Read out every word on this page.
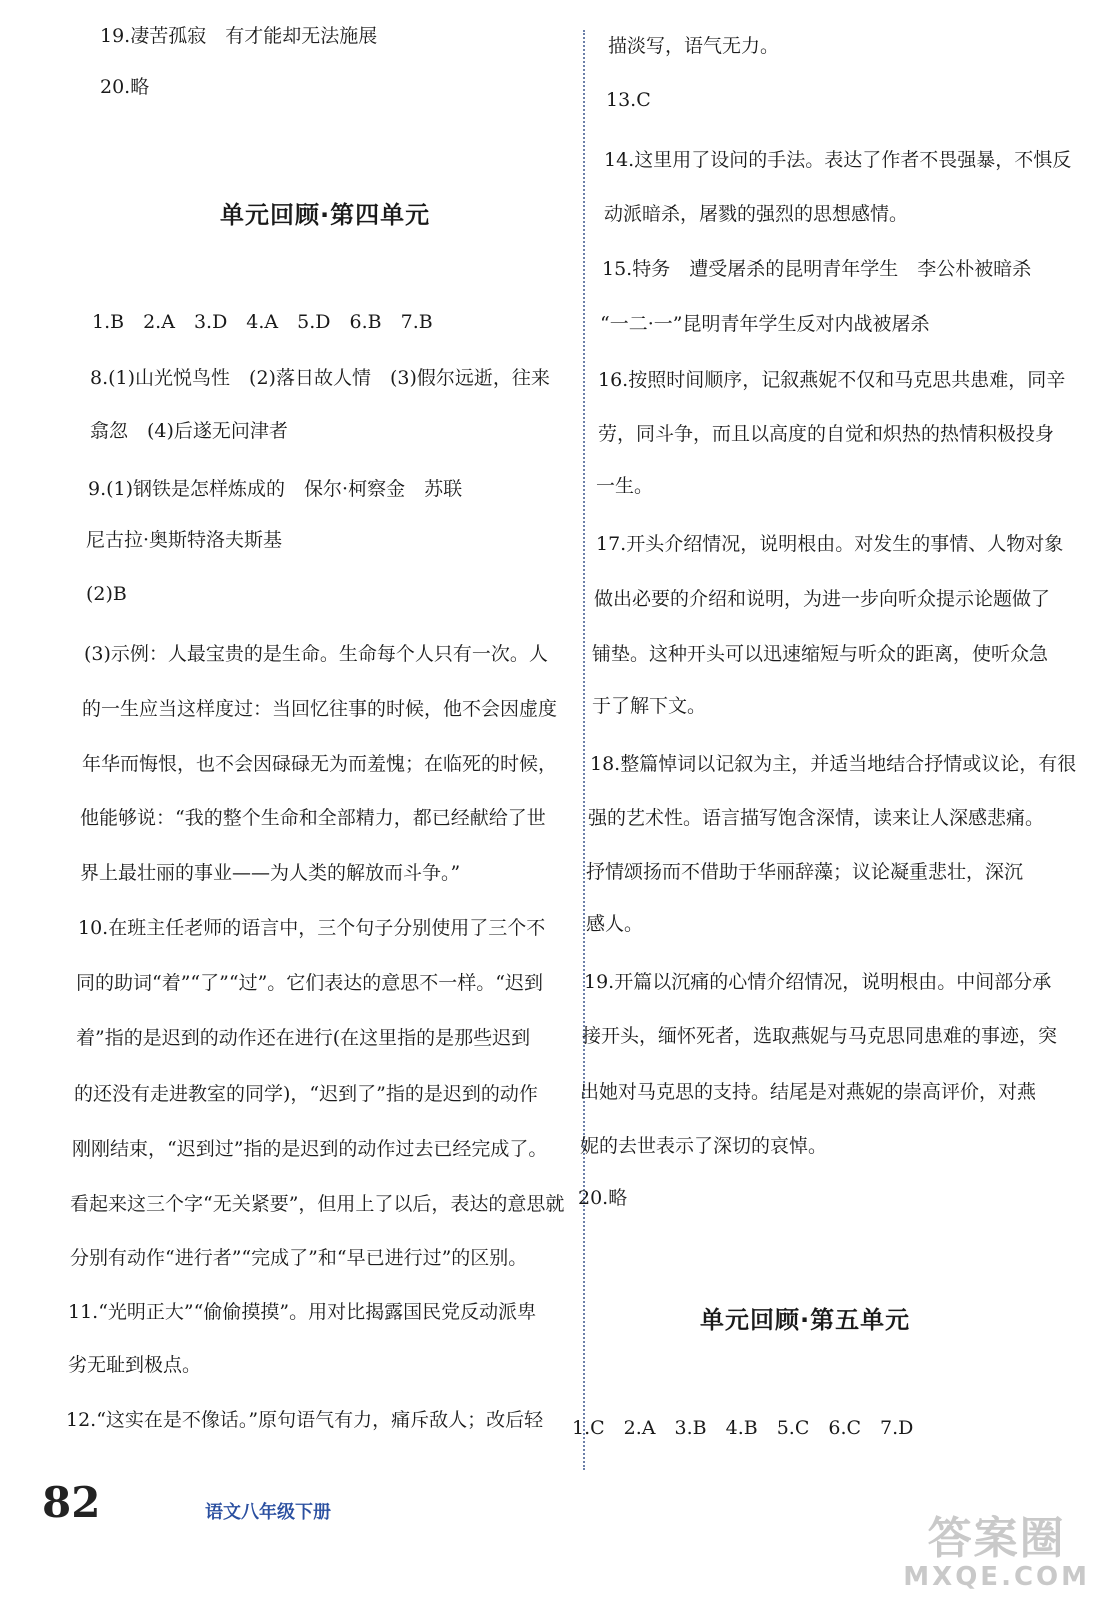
19.凄苦孤寂　有才能却无法施展
20.略
单元回顾·第四单元
1.B　2.A　3.D　4.A　5.D　6.B　7.B
8.(1)山光悦鸟性　(2)落日故人情　(3)假尔远逝，往来
翕忽　(4)后遂无问津者
9.(1)钢铁是怎样炼成的　保尔·柯察金　苏联
尼古拉·奥斯特洛夫斯基
(2)B
(3)示例：人最宝贵的是生命。生命每个人只有一次。人
的一生应当这样度过：当回忆往事的时候，他不会因虚度
年华而悔恨，也不会因碌碌无为而羞愧；在临死的时候，
他能够说：“我的整个生命和全部精力，都已经献给了世
界上最壮丽的事业——为人类的解放而斗争。”
10.在班主任老师的语言中，三个句子分别使用了三个不
同的助词“着”“了”“过”。它们表达的意思不一样。“迟到
着”指的是迟到的动作还在进行(在这里指的是那些迟到
的还没有走进教室的同学)，“迟到了”指的是迟到的动作
刚刚结束，“迟到过”指的是迟到的动作过去已经完成了。
看起来这三个字“无关紧要”，但用上了以后，表达的意思就
分别有动作“进行者”“完成了”和“早已进行过”的区别。
11.“光明正大”“偷偷摸摸”。用对比揭露国民党反动派卑
劣无耻到极点。
12.“这实在是不像话。”原句语气有力，痛斥敌人；改后轻
描淡写，语气无力。
13.C
14.这里用了设问的手法。表达了作者不畏强暴，不惧反
动派暗杀，屠戮的强烈的思想感情。
15.特务　遭受屠杀的昆明青年学生　李公朴被暗杀
“一二·一”昆明青年学生反对内战被屠杀
16.按照时间顺序，记叙燕妮不仅和马克思共患难，同辛
劳，同斗争，而且以高度的自觉和炽热的热情积极投身
一生。
17.开头介绍情况，说明根由。对发生的事情、人物对象
做出必要的介绍和说明，为进一步向听众提示论题做了
铺垫。这种开头可以迅速缩短与听众的距离，使听众急
于了解下文。
18.整篇悼词以记叙为主，并适当地结合抒情或议论，有很
强的艺术性。语言描写饱含深情，读来让人深感悲痛。
抒情颂扬而不借助于华丽辞藻；议论凝重悲壮，深沉
感人。
19.开篇以沉痛的心情介绍情况，说明根由。中间部分承
接开头，缅怀死者，选取燕妮与马克思同患难的事迹，突
出她对马克思的支持。结尾是对燕妮的崇高评价，对燕
妮的去世表示了深切的哀悼。
20.略
单元回顾·第五单元
1.C　2.A　3.B　4.B　5.C　6.C　7.D
82	语文八年级下册
答案圈
MXQE.COM
